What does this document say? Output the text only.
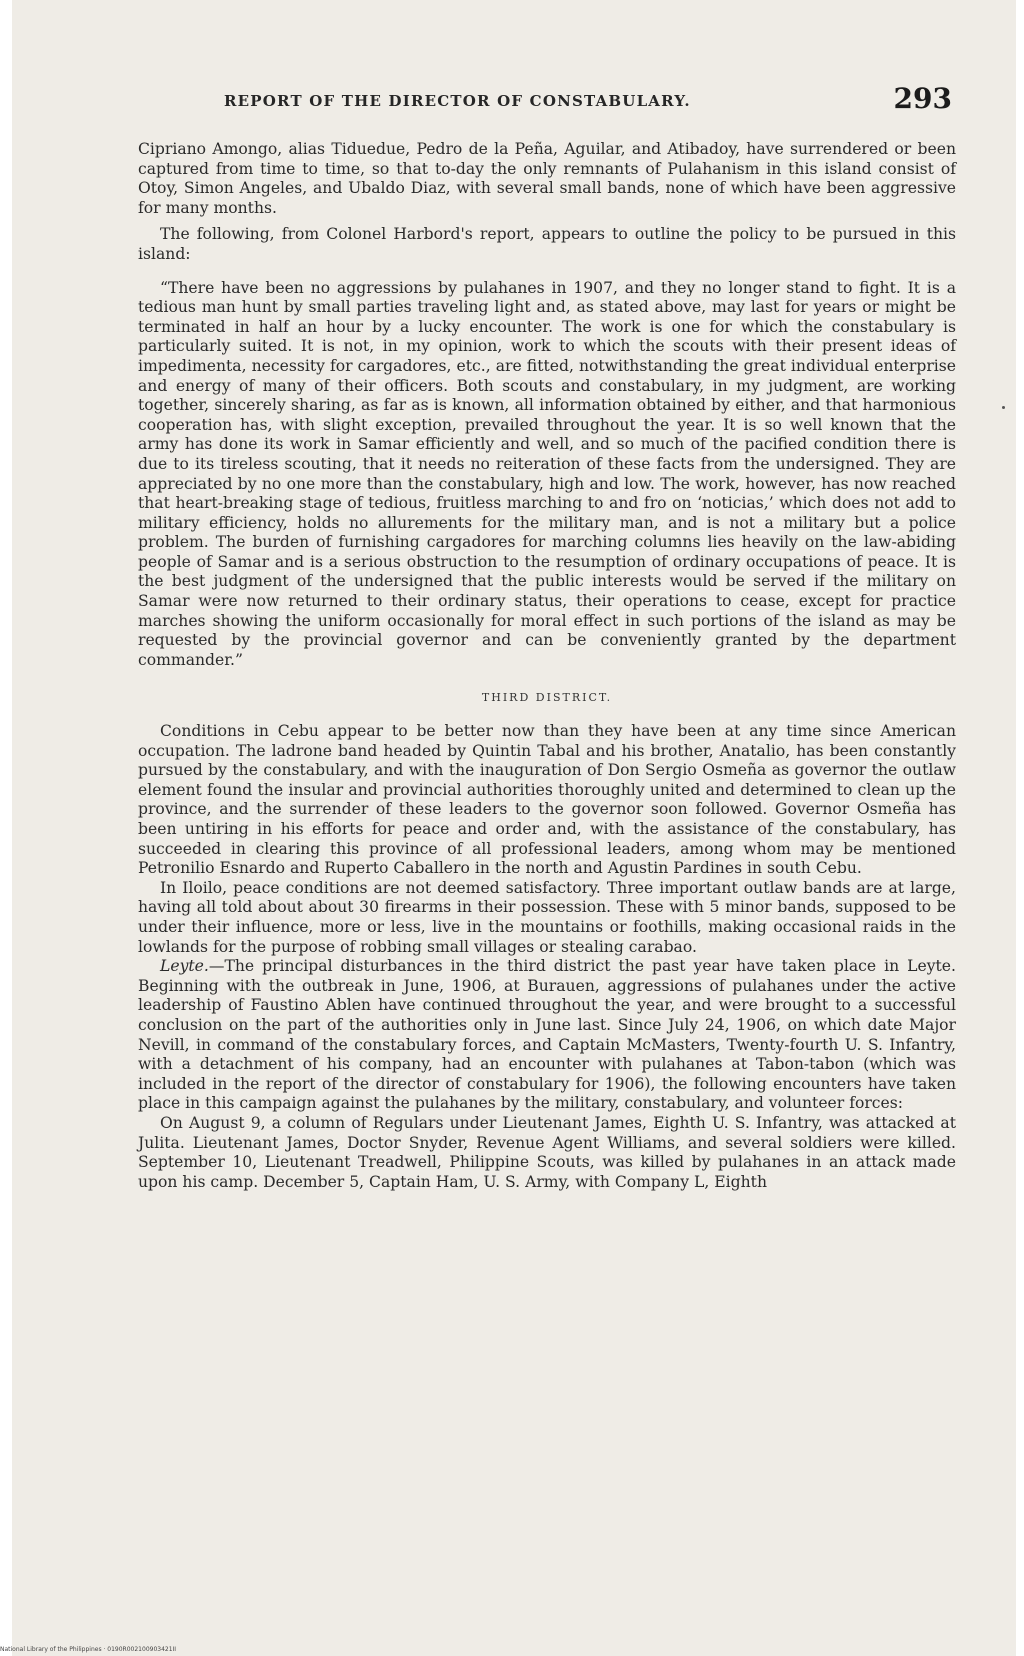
REPORT OF THE DIRECTOR OF CONSTABULARY.	293

Cipriano Amongo, alias Tiduedue, Pedro de la Peña, Aguilar, and Atibadoy, have surrendered or been captured from time to time, so that to-day the only remnants of Pulahanism in this island consist of Otoy, Simon Angeles, and Ubaldo Diaz, with several small bands, none of which have been aggressive for many months.

The following, from Colonel Harbord's report, appears to outline the policy to be pursued in this island:

“There have been no aggressions by pulahanes in 1907, and they no longer stand to fight. It is a tedious man hunt by small parties traveling light and, as stated above, may last for years or might be terminated in half an hour by a lucky encounter. The work is one for which the constabulary is particularly suited. It is not, in my opinion, work to which the scouts with their present ideas of impedimenta, necessity for cargadores, etc., are fitted, notwithstanding the great individual enterprise and energy of many of their officers. Both scouts and constabulary, in my judgment, are working together, sincerely sharing, as far as is known, all information obtained by either, and that harmonious cooperation has, with slight exception, prevailed throughout the year. It is so well known that the army has done its work in Samar efficiently and well, and so much of the pacified condition there is due to its tireless scouting, that it needs no reiteration of these facts from the undersigned. They are appreciated by no one more than the constabulary, high and low. The work, however, has now reached that heart-breaking stage of tedious, fruitless marching to and fro on ‘noticias,’ which does not add to military efficiency, holds no allurements for the military man, and is not a military but a police problem. The burden of furnishing cargadores for marching columns lies heavily on the law-abiding people of Samar and is a serious obstruction to the resumption of ordinary occupations of peace. It is the best judgment of the undersigned that the public interests would be served if the military on Samar were now returned to their ordinary status, their operations to cease, except for practice marches showing the uniform occasionally for moral effect in such portions of the island as may be requested by the provincial governor and can be conveniently granted by the department commander.”

THIRD DISTRICT.

Conditions in Cebu appear to be better now than they have been at any time since American occupation. The ladrone band headed by Quintin Tabal and his brother, Anatalio, has been constantly pursued by the constabulary, and with the inauguration of Don Sergio Osmeña as governor the outlaw element found the insular and provincial authorities thoroughly united and determined to clean up the province, and the surrender of these leaders to the governor soon followed. Governor Osmeña has been untiring in his efforts for peace and order and, with the assistance of the constabulary, has succeeded in clearing this province of all professional leaders, among whom may be mentioned Petronilio Esnardo and Ruperto Caballero in the north and Agustin Pardines in south Cebu.

In Iloilo, peace conditions are not deemed satisfactory. Three important outlaw bands are at large, having all told about about 30 firearms in their possession. These with 5 minor bands, supposed to be under their influence, more or less, live in the mountains or foothills, making occasional raids in the lowlands for the purpose of robbing small villages or stealing carabao.

Leyte.—The principal disturbances in the third district the past year have taken place in Leyte. Beginning with the outbreak in June, 1906, at Burauen, aggressions of pulahanes under the active leadership of Faustino Ablen have continued throughout the year, and were brought to a successful conclusion on the part of the authorities only in June last. Since July 24, 1906, on which date Major Nevill, in command of the constabulary forces, and Captain McMasters, Twenty-fourth U. S. Infantry, with a detachment of his company, had an encounter with pulahanes at Tabon-tabon (which was included in the report of the director of constabulary for 1906), the following encounters have taken place in this campaign against the pulahanes by the military, constabulary, and volunteer forces:

On August 9, a column of Regulars under Lieutenant James, Eighth U. S. Infantry, was attacked at Julita. Lieutenant James, Doctor Snyder, Revenue Agent Williams, and several soldiers were killed. September 10, Lieutenant Treadwell, Philippine Scouts, was killed by pulahanes in an attack made upon his camp. December 5, Captain Ham, U. S. Army, with Company L, Eighth

National Library of the Philippines · 0190R002100903421II
